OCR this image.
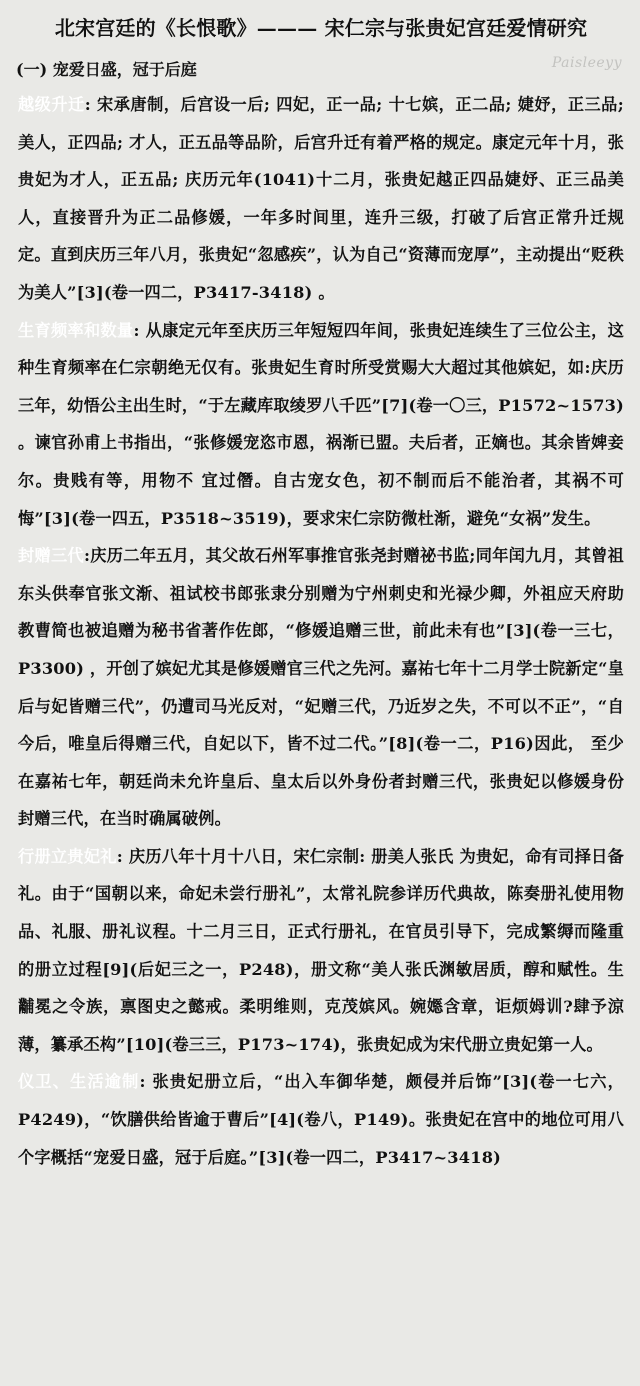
北宋宫廷的《长恨歌》——— 宋仁宗与张贵妃宫廷爱情研究
(一) 宠爱日盛，冠于后庭	Paisleeyy

越级升迁: 宋承唐制，后宫设一后; 四妃，正一品; 十七嫔，正二品; 婕妤，正三品; 美人，正四品; 才人，正五品等品阶，后宫升迁有着严格的规定。康定元年十月，张贵妃为才人，正五品; 庆历元年(1041)十二月，张贵妃越正四品婕妤、正三品美人，直接晋升为正二品修媛，一年多时间里，连升三级，打破了后宫正常升迁规定。直到庆历三年八月，张贵妃“忽感疾”，认为自己“资薄而宠厚”，主动提出“贬秩为美人”[3](卷一四二，P3417-3418) 。

生育频率和数量: 从康定元年至庆历三年短短四年间，张贵妃连续生了三位公主，这种生育频率在仁宗朝绝无仅有。张贵妃生育时所受赏赐大大超过其他嫔妃，如:庆历三年，幼悟公主出生时，“于左藏库取绫罗八千匹”[7](卷一〇三，P1572~1573) 。谏官孙甫上书指出，“张修媛宠恣市恩，祸渐已盟。夫后者，正嫡也。其余皆婢妾尔。贵贱有等，用物不 宜过僭。自古宠女色，初不制而后不能治者，其祸不可悔”[3](卷一四五，P3518~3519)，要求宋仁宗防微杜渐，避免“女祸”发生。

封赠三代:庆历二年五月，其父故石州军事推官张尧封赠祕书监;同年闰九月，其曾祖东头供奉官张文渐、祖试校书郎张隶分别赠为宁州刺史和光禄少卿，外祖应天府助教曹简也被追赠为秘书省著作佐郎，“修媛追赠三世，前此未有也”[3](卷一三七，P3300) ，开创了嫔妃尤其是修媛赠官三代之先河。嘉祐七年十二月学士院新定“皇后与妃皆赠三代”，仍遭司马光反对，“妃赠三代，乃近岁之失，不可以不正”，“自今后，唯皇后得赠三代，自妃以下，皆不过二代。”[8](卷一二，P16)因此， 至少在嘉祐七年，朝廷尚未允许皇后、皇太后以外身份者封赠三代，张贵妃以修媛身份封赠三代，在当时确属破例。

行册立贵妃礼: 庆历八年十月十八日，宋仁宗制: 册美人张氏 为贵妃，命有司择日备礼。由于“国朝以来，命妃未尝行册礼”，太常礼院参详历代典故，陈奏册礼使用物品、礼服、册礼议程。十二月三日，正式行册礼，在官员引导下，完成繁缛而隆重的册立过程[9](后妃三之一，P248)，册文称“美人张氏渊敏居质，醇和赋性。生黼冕之令族，禀图史之懿戒。柔明维则，克茂嫔风。婉嫕含章，讵烦姆训?肆予涼薄，纂承丕构”[10](卷三三，P173~174)，张贵妃成为宋代册立贵妃第一人。

仪卫、生活逾制: 张贵妃册立后，“出入车御华楚，颇侵并后饰”[3](卷一七六，P4249)，“饮膳供给皆逾于曹后”[4](卷八，P149)。张贵妃在宫中的地位可用八个字概括“宠爱日盛，冠于后庭。”[3](卷一四二，P3417~3418)
